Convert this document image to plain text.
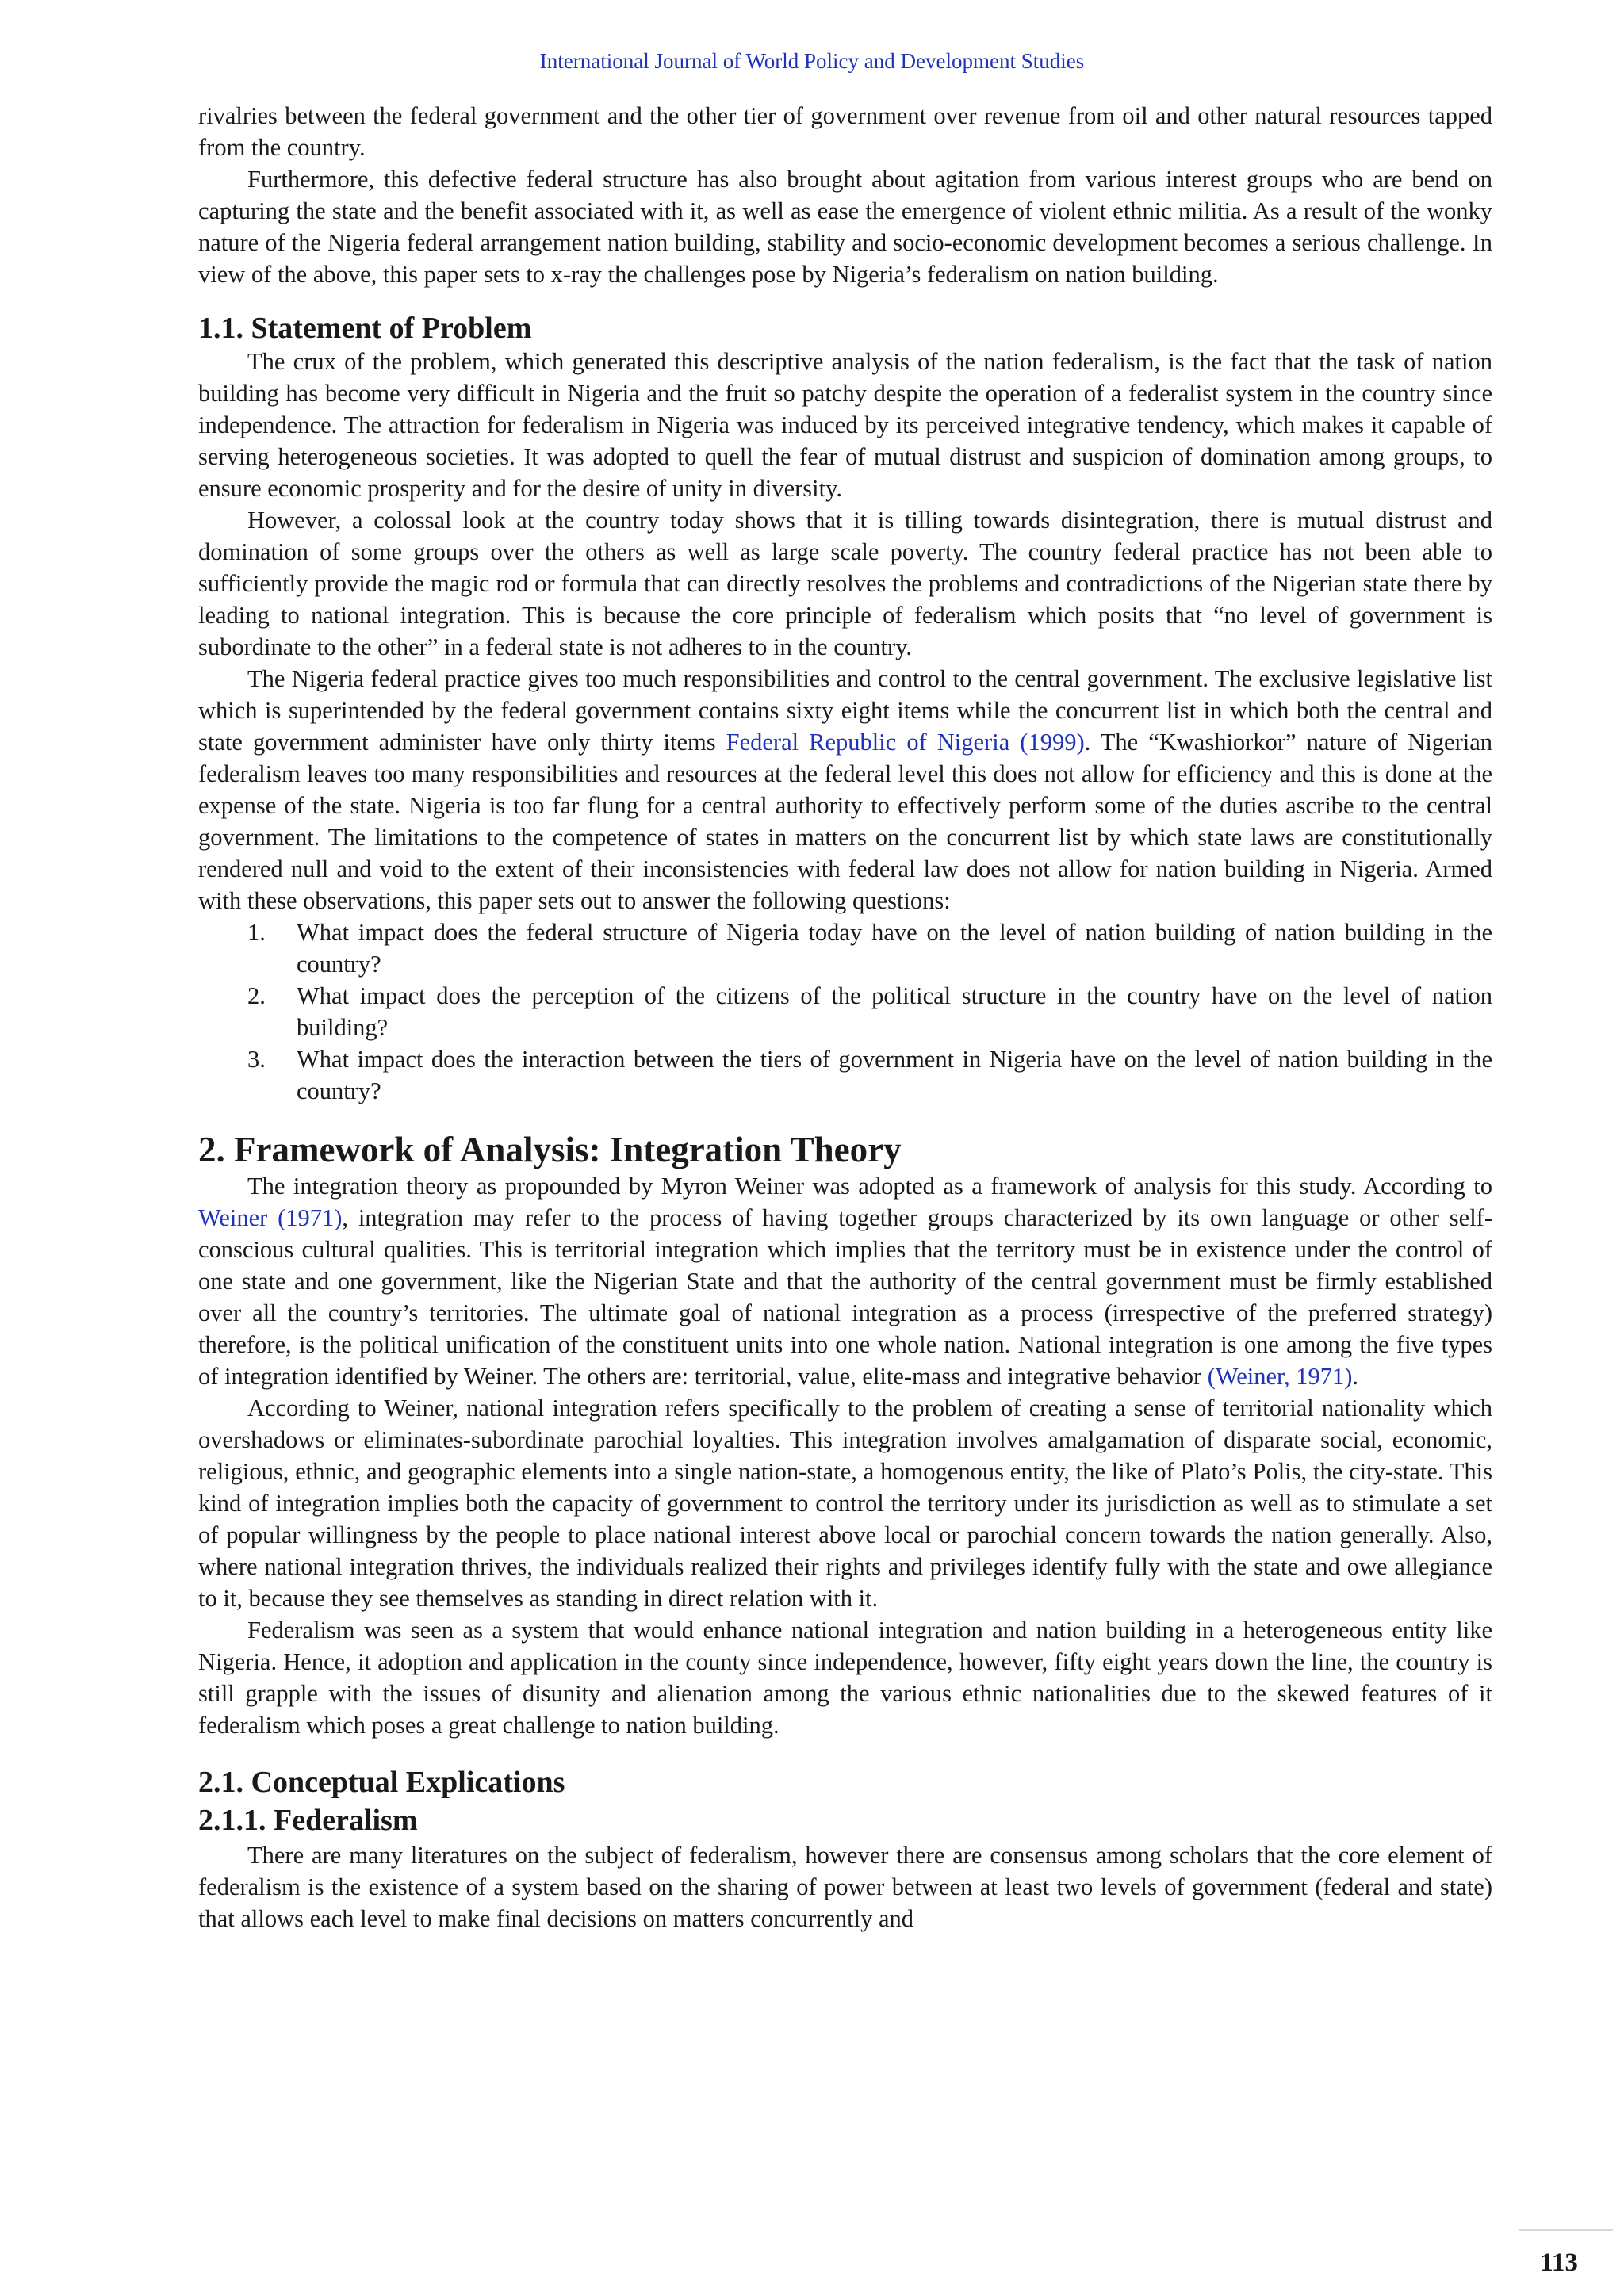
International Journal of World Policy and Development Studies

rivalries between the federal government and the other tier of government over revenue from oil and other natural resources tapped from the country.

Furthermore, this defective federal structure has also brought about agitation from various interest groups who are bend on capturing the state and the benefit associated with it, as well as ease the emergence of violent ethnic militia. As a result of the wonky nature of the Nigeria federal arrangement nation building, stability and socio-economic development becomes a serious challenge. In view of the above, this paper sets to x-ray the challenges pose by Nigeria’s federalism on nation building.

1.1. Statement of Problem

The crux of the problem, which generated this descriptive analysis of the nation federalism, is the fact that the task of nation building has become very difficult in Nigeria and the fruit so patchy despite the operation of a federalist system in the country since independence. The attraction for federalism in Nigeria was induced by its perceived integrative tendency, which makes it capable of serving heterogeneous societies. It was adopted to quell the fear of mutual distrust and suspicion of domination among groups, to ensure economic prosperity and for the desire of unity in diversity.

However, a colossal look at the country today shows that it is tilling towards disintegration, there is mutual distrust and domination of some groups over the others as well as large scale poverty. The country federal practice has not been able to sufficiently provide the magic rod or formula that can directly resolves the problems and contradictions of the Nigerian state there by leading to national integration. This is because the core principle of federalism which posits that “no level of government is subordinate to the other” in a federal state is not adheres to in the country.

The Nigeria federal practice gives too much responsibilities and control to the central government. The exclusive legislative list which is superintended by the federal government contains sixty eight items while the concurrent list in which both the central and state government administer have only thirty items Federal Republic of Nigeria (1999). The “Kwashiorkor” nature of Nigerian federalism leaves too many responsibilities and resources at the federal level this does not allow for efficiency and this is done at the expense of the state. Nigeria is too far flung for a central authority to effectively perform some of the duties ascribe to the central government. The limitations to the competence of states in matters on the concurrent list by which state laws are constitutionally rendered null and void to the extent of their inconsistencies with federal law does not allow for nation building in Nigeria. Armed with these observations, this paper sets out to answer the following questions:

1. What impact does the federal structure of Nigeria today have on the level of nation building of nation building in the country?
2. What impact does the perception of the citizens of the political structure in the country have on the level of nation building?
3. What impact does the interaction between the tiers of government in Nigeria have on the level of nation building in the country?
2. Framework of Analysis: Integration Theory

The integration theory as propounded by Myron Weiner was adopted as a framework of analysis for this study. According to Weiner (1971), integration may refer to the process of having together groups characterized by its own language or other self-conscious cultural qualities. This is territorial integration which implies that the territory must be in existence under the control of one state and one government, like the Nigerian State and that the authority of the central government must be firmly established over all the country’s territories. The ultimate goal of national integration as a process (irrespective of the preferred strategy) therefore, is the political unification of the constituent units into one whole nation. National integration is one among the five types of integration identified by Weiner. The others are: territorial, value, elite-mass and integrative behavior (Weiner, 1971).

According to Weiner, national integration refers specifically to the problem of creating a sense of territorial nationality which overshadows or eliminates-subordinate parochial loyalties. This integration involves amalgamation of disparate social, economic, religious, ethnic, and geographic elements into a single nation-state, a homogenous entity, the like of Plato’s Polis, the city-state. This kind of integration implies both the capacity of government to control the territory under its jurisdiction as well as to stimulate a set of popular willingness by the people to place national interest above local or parochial concern towards the nation generally. Also, where national integration thrives, the individuals realized their rights and privileges identify fully with the state and owe allegiance to it, because they see themselves as standing in direct relation with it.

Federalism was seen as a system that would enhance national integration and nation building in a heterogeneous entity like Nigeria. Hence, it adoption and application in the county since independence, however, fifty eight years down the line, the country is still grapple with the issues of disunity and alienation among the various ethnic nationalities due to the skewed features of it federalism which poses a great challenge to nation building.

2.1. Conceptual Explications
2.1.1. Federalism

There are many literatures on the subject of federalism, however there are consensus among scholars that the core element of federalism is the existence of a system based on the sharing of power between at least two levels of government (federal and state) that allows each level to make final decisions on matters concurrently and

113
